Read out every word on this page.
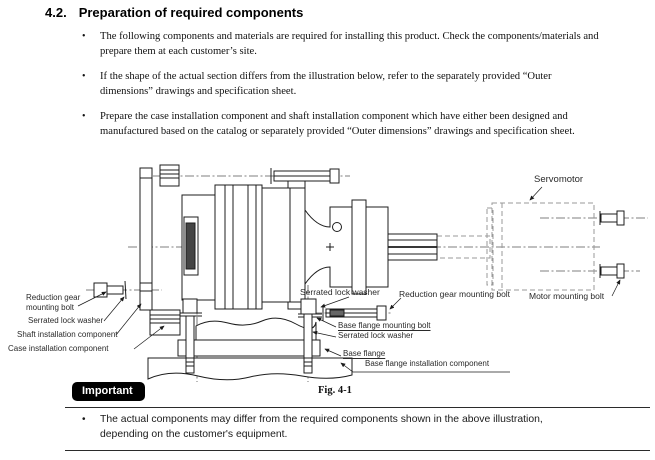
4.2. Preparation of required components
• The following components and materials are required for installing this product. Check the components/materials and prepare them at each customer’s site.
• If the shape of the actual section differs from the illustration below, refer to the separately provided “Outer dimensions” drawings and specification sheet.
• Prepare the case installation component and shaft installation component which have either been designed and manufactured based on the catalog or separately provided “Outer dimensions” drawings and specification sheet.
Servomotor
Reduction gear mounting bolt
Serrated lock washer
Shaft installation component
Case installation component
Serrated lock washer Reduction gear mounting bolt Motor mounting bolt
Base flange mounting bolt
Serrated lock washer
Base flange
Base flange installation component
Important	Fig. 4-1
• The actual components may differ from the required components shown in the above illustration, depending on the customer's equipment.
